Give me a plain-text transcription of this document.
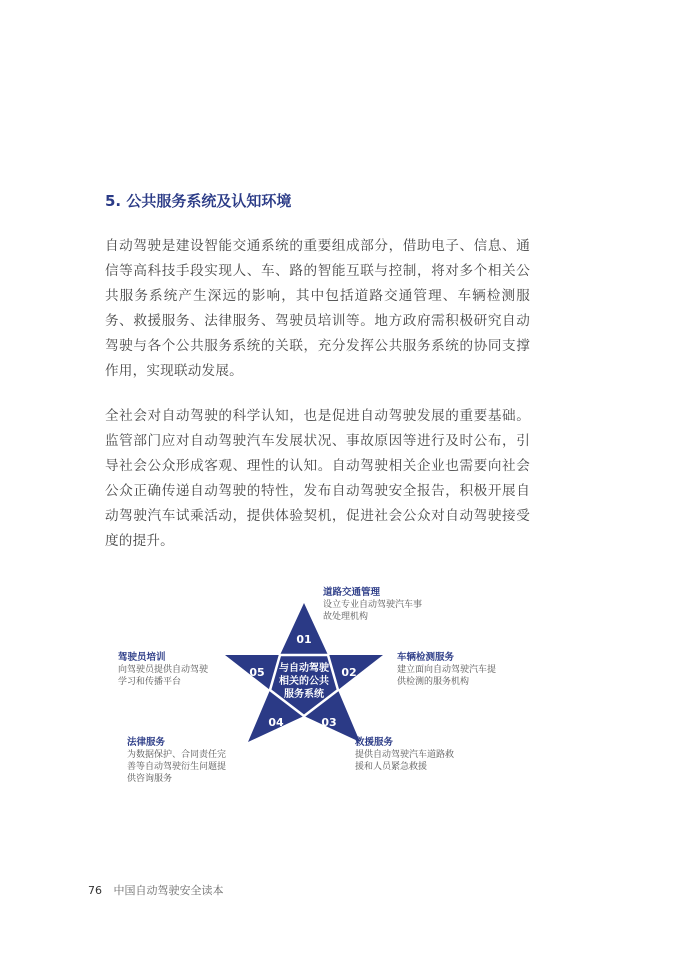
5. 公共服务系统及认知环境
自动驾驶是建设智能交通系统的重要组成部分，借助电子、信息、通信等高科技手段实现人、车、路的智能互联与控制，将对多个相关公共服务系统产生深远的影响，其中包括道路交通管理、车辆检测服务、救援服务、法律服务、驾驶员培训等。地方政府需积极研究自动驾驶与各个公共服务系统的关联，充分发挥公共服务系统的协同支撑作用，实现联动发展。
全社会对自动驾驶的科学认知，也是促进自动驾驶发展的重要基础。监管部门应对自动驾驶汽车发展状况、事故原因等进行及时公布，引导社会公众形成客观、理性的认知。自动驾驶相关企业也需要向社会公众正确传递自动驾驶的特性，发布自动驾驶安全报告，积极开展自动驾驶汽车试乘活动，提供体验契机，促进社会公众对自动驾驶接受度的提升。
01
02
03
04
05 与自动驾驶
相关的公共
服务系统
道路交通管理
设立专业自动驾驶汽车事
故处理机构
车辆检测服务
建立面向自动驾驶汽车提
供检测的服务机构
救援服务
提供自动驾驶汽车道路救
援和人员紧急救援
法律服务
为数据保护、合同责任完
善等自动驾驶衍生问题提
供咨询服务
驾驶员培训
向驾驶员提供自动驾驶
学习和传播平台
76 中国自动驾驶安全读本
